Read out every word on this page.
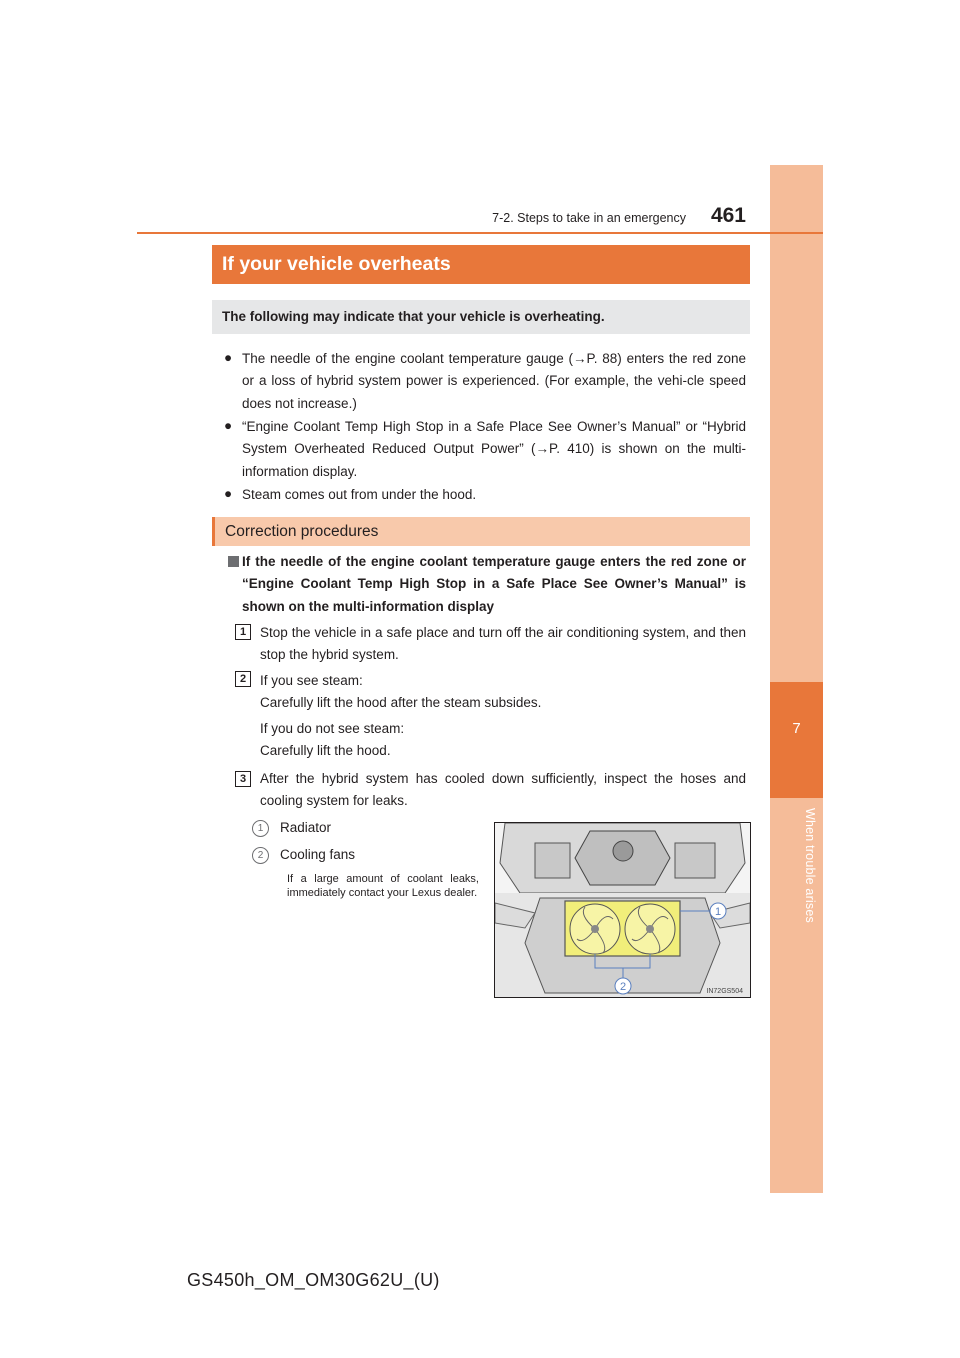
7
When trouble arises
7-2. Steps to take in an emergency	461
If your vehicle overheats
The following may indicate that your vehicle is overheating.
● The needle of the engine coolant temperature gauge (→P. 88) enters the red zone or a loss of hybrid system power is experienced. (For example, the vehi-cle speed does not increase.)
● “Engine Coolant Temp High Stop in a Safe Place See Owner’s Manual” or “Hybrid System Overheated Reduced Output Power” (→P. 410) is shown on the multi-information display.
● Steam comes out from under the hood.
Correction procedures
If the needle of the engine coolant temperature gauge enters the red zone or “Engine Coolant Temp High Stop in a Safe Place See Owner’s Manual” is shown on the multi-information display
1	Stop the vehicle in a safe place and turn off the air conditioning system, and then stop the hybrid system.
2	If you see steam:
Carefully lift the hood after the steam subsides.
If you do not see steam:
Carefully lift the hood.
3	After the hybrid system has cooled down sufficiently, inspect the hoses and cooling system for leaks.
1	Radiator
2	Cooling fans
If a large amount of coolant leaks, immediately contact your Lexus dealer.
1
2	IN72GS504
GS450h_OM_OM30G62U_(U)
